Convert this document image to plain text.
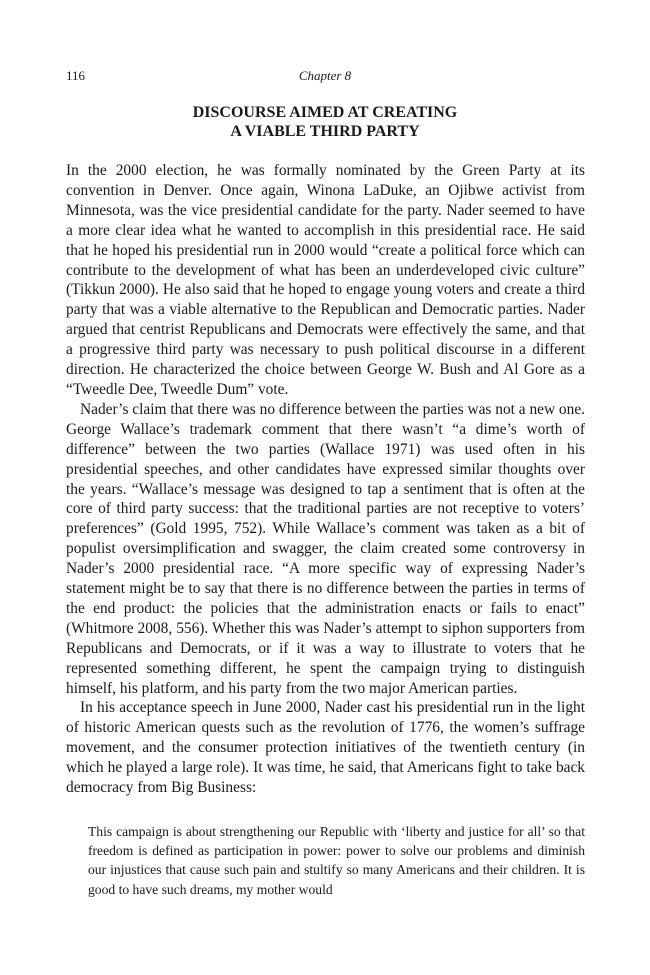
116	Chapter 8
DISCOURSE AIMED AT CREATING
A VIABLE THIRD PARTY

In the 2000 election, he was formally nominated by the Green Party at its convention in Denver. Once again, Winona LaDuke, an Ojibwe activist from Minnesota, was the vice presidential candidate for the party. Nader seemed to have a more clear idea what he wanted to accomplish in this presidential race. He said that he hoped his presidential run in 2000 would “create a political force which can contribute to the development of what has been an underdeveloped civic culture” (Tikkun 2000). He also said that he hoped to engage young voters and create a third party that was a viable alternative to the Republican and Democratic parties. Nader argued that centrist Republicans and Democrats were effectively the same, and that a progressive third party was necessary to push political discourse in a different direction. He characterized the choice between George W. Bush and Al Gore as a “Tweedle Dee, Tweedle Dum” vote.

Nader’s claim that there was no difference between the parties was not a new one. George Wallace’s trademark comment that there wasn’t “a dime’s worth of difference” between the two parties (Wallace 1971) was used often in his presidential speeches, and other candidates have expressed similar thoughts over the years. “Wallace’s message was designed to tap a sentiment that is often at the core of third party success: that the traditional parties are not receptive to voters’ preferences” (Gold 1995, 752). While Wallace’s comment was taken as a bit of populist oversimplification and swagger, the claim created some controversy in Nader’s 2000 presidential race. “A more specific way of expressing Nader’s statement might be to say that there is no difference between the parties in terms of the end product: the policies that the administration enacts or fails to enact” (Whitmore 2008, 556). Whether this was Nader’s attempt to siphon supporters from Republicans and Democrats, or if it was a way to illustrate to voters that he represented something different, he spent the campaign trying to distinguish himself, his platform, and his party from the two major American parties.

In his acceptance speech in June 2000, Nader cast his presidential run in the light of historic American quests such as the revolution of 1776, the women’s suffrage movement, and the consumer protection initiatives of the twentieth century (in which he played a large role). It was time, he said, that Americans fight to take back democracy from Big Business:

This campaign is about strengthening our Republic with ‘liberty and justice for all’ so that freedom is defined as participation in power: power to solve our problems and diminish our injustices that cause such pain and stultify so many Americans and their children. It is good to have such dreams, my mother would
